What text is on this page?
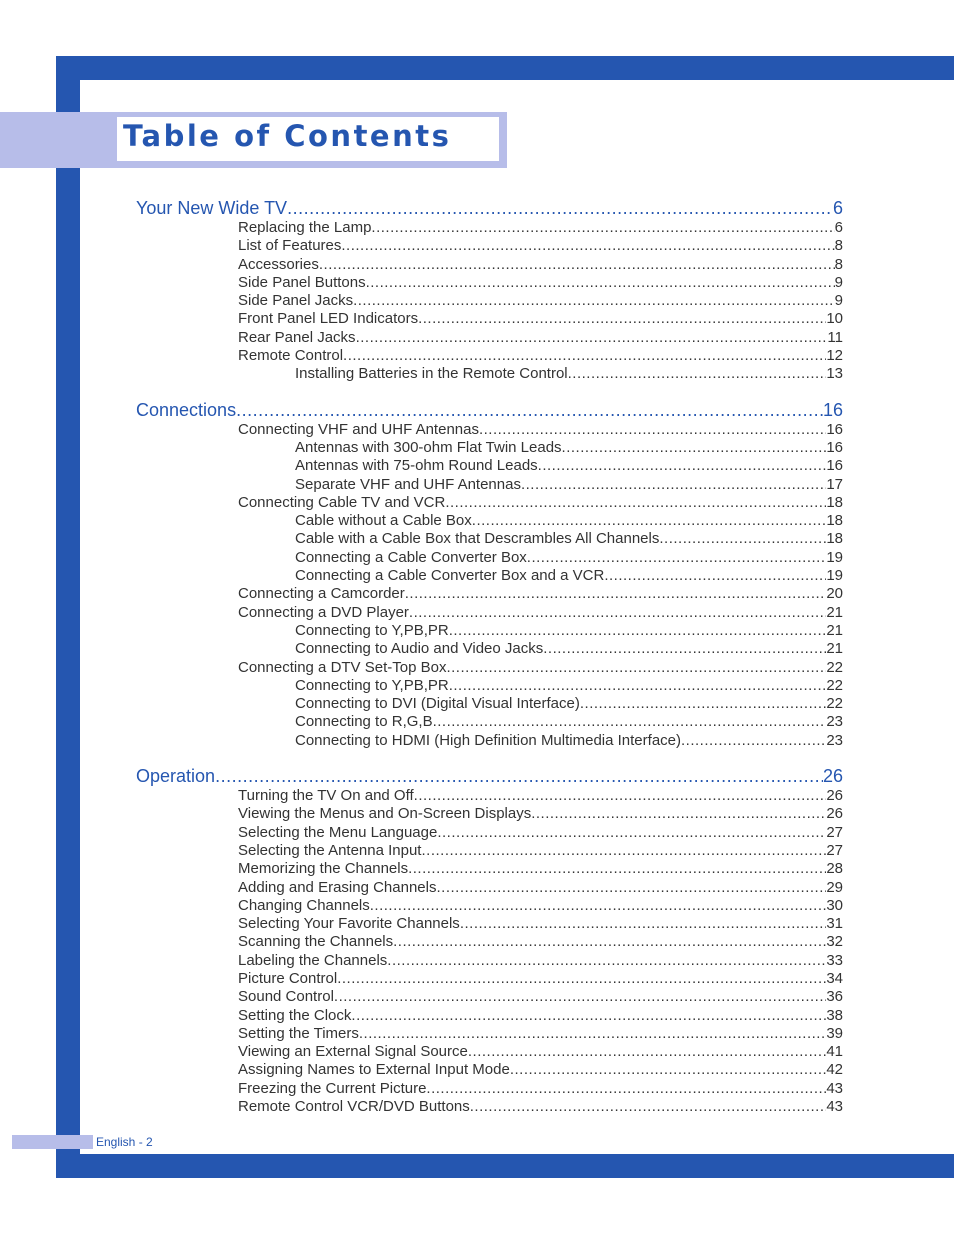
Table of Contents
Your New Wide TV .....	6
Replacing the Lamp .....	6
List of Features .....	8
Accessories .....	8
Side Panel Buttons .....	9
Side Panel Jacks .....	9
Front Panel LED Indicators .....	10
Rear Panel Jacks .....	11
Remote Control .....	12
Installing Batteries in the Remote Control .....	13
Connections .....	16
Connecting VHF and UHF Antennas .....	16
Antennas with 300-ohm Flat Twin Leads .....	16
Antennas with 75-ohm Round Leads .....	16
Separate VHF and UHF Antennas .....	17
Connecting Cable TV and VCR .....	18
Cable without a Cable Box .....	18
Cable with a Cable Box that Descrambles All Channels .....	18
Connecting a Cable Converter Box .....	19
Connecting a Cable Converter Box and a VCR .....	19
Connecting a Camcorder .....	20
Connecting a DVD Player .....	21
Connecting to Y,PB,PR .....	21
Connecting to Audio and Video Jacks .....	21
Connecting a DTV Set-Top Box .....	22
Connecting to Y,PB,PR .....	22
Connecting to DVI (Digital Visual Interface) .....	22
Connecting to R,G,B .....	23
Connecting to HDMI (High Definition Multimedia Interface) .....	23
Operation .....	26
Turning the TV On and Off .....	26
Viewing the Menus and On-Screen Displays .....	26
Selecting the Menu Language .....	27
Selecting the Antenna Input .....	27
Memorizing the Channels .....	28
Adding and Erasing Channels .....	29
Changing Channels .....	30
Selecting Your Favorite Channels .....	31
Scanning the Channels .....	32
Labeling the Channels .....	33
Picture Control .....	34
Sound Control .....	36
Setting the Clock .....	38
Setting the Timers .....	39
Viewing an External Signal Source .....	41
Assigning Names to External Input Mode .....	42
Freezing the Current Picture .....	43
Remote Control VCR/DVD Buttons .....	43
English - 2
